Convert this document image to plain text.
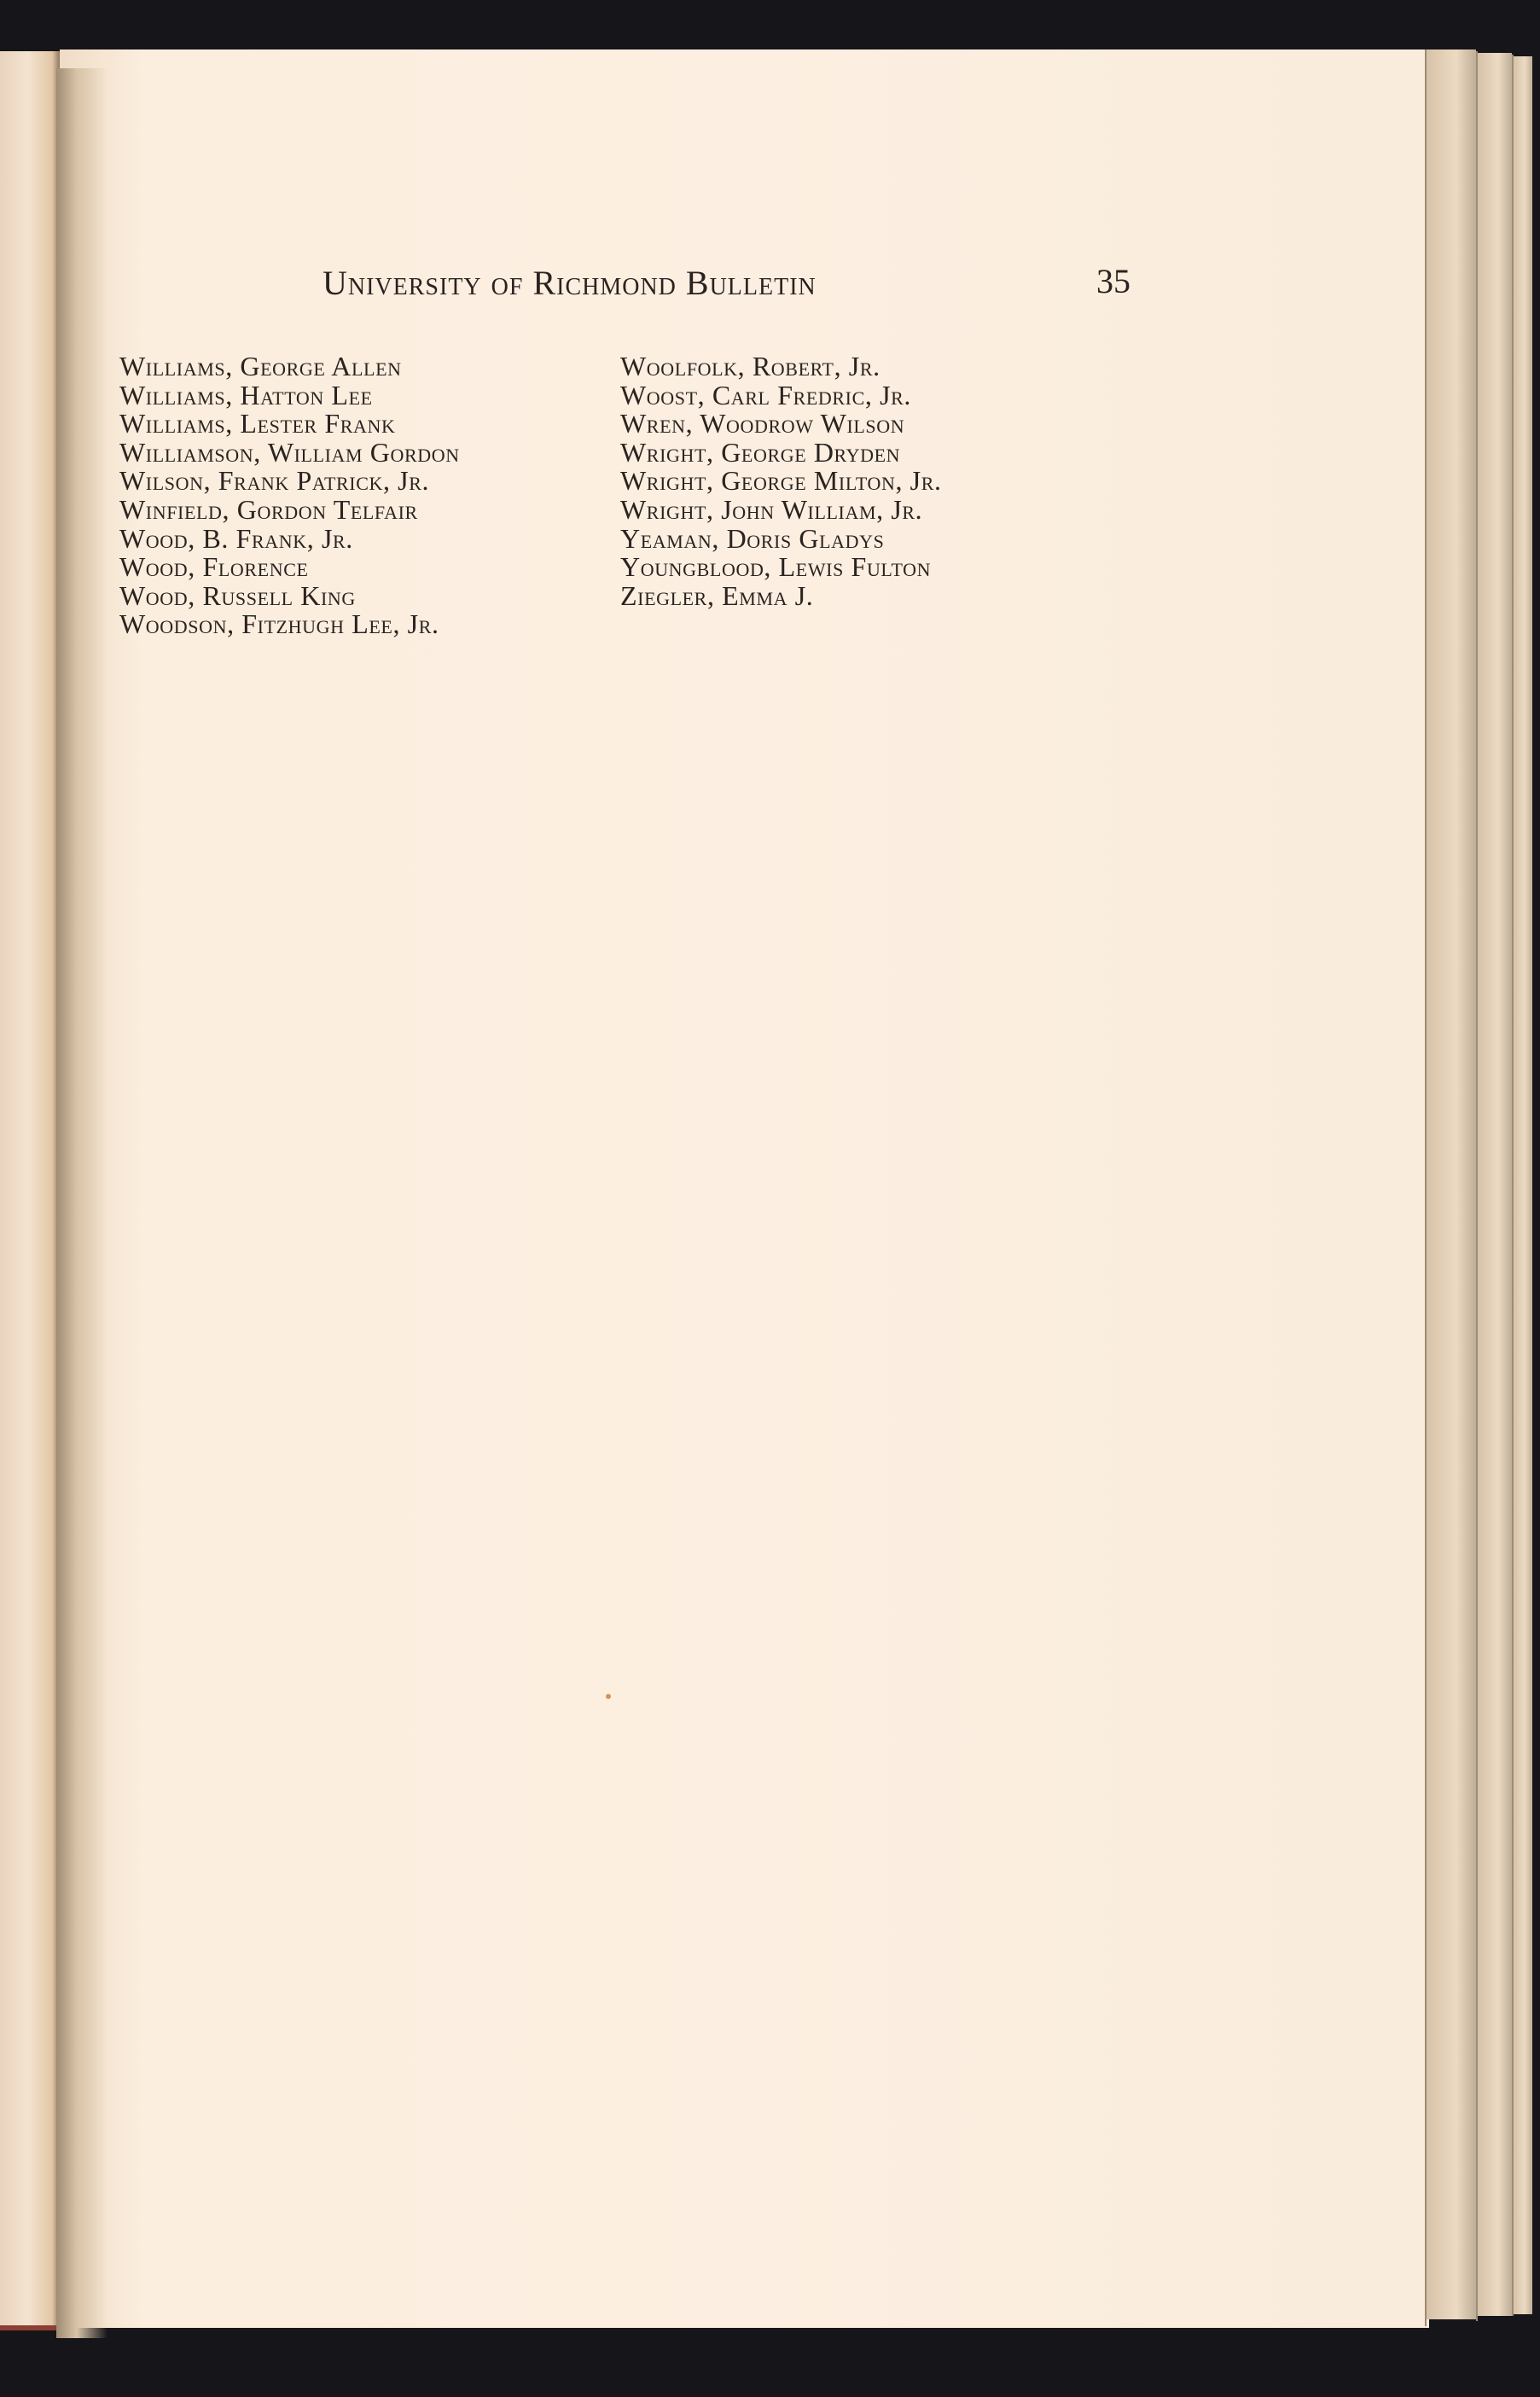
University of Richmond Bulletin	35
Williams, George Allen
Williams, Hatton Lee
Williams, Lester Frank
Williamson, William Gordon
Wilson, Frank Patrick, Jr.
Winfield, Gordon Telfair
Wood, B. Frank, Jr.
Wood, Florence
Wood, Russell King
Woodson, Fitzhugh Lee, Jr.
Woolfolk, Robert, Jr.
Woost, Carl Fredric, Jr.
Wren, Woodrow Wilson
Wright, George Dryden
Wright, George Milton, Jr.
Wright, John William, Jr.
Yeaman, Doris Gladys
Youngblood, Lewis Fulton
Ziegler, Emma J.
